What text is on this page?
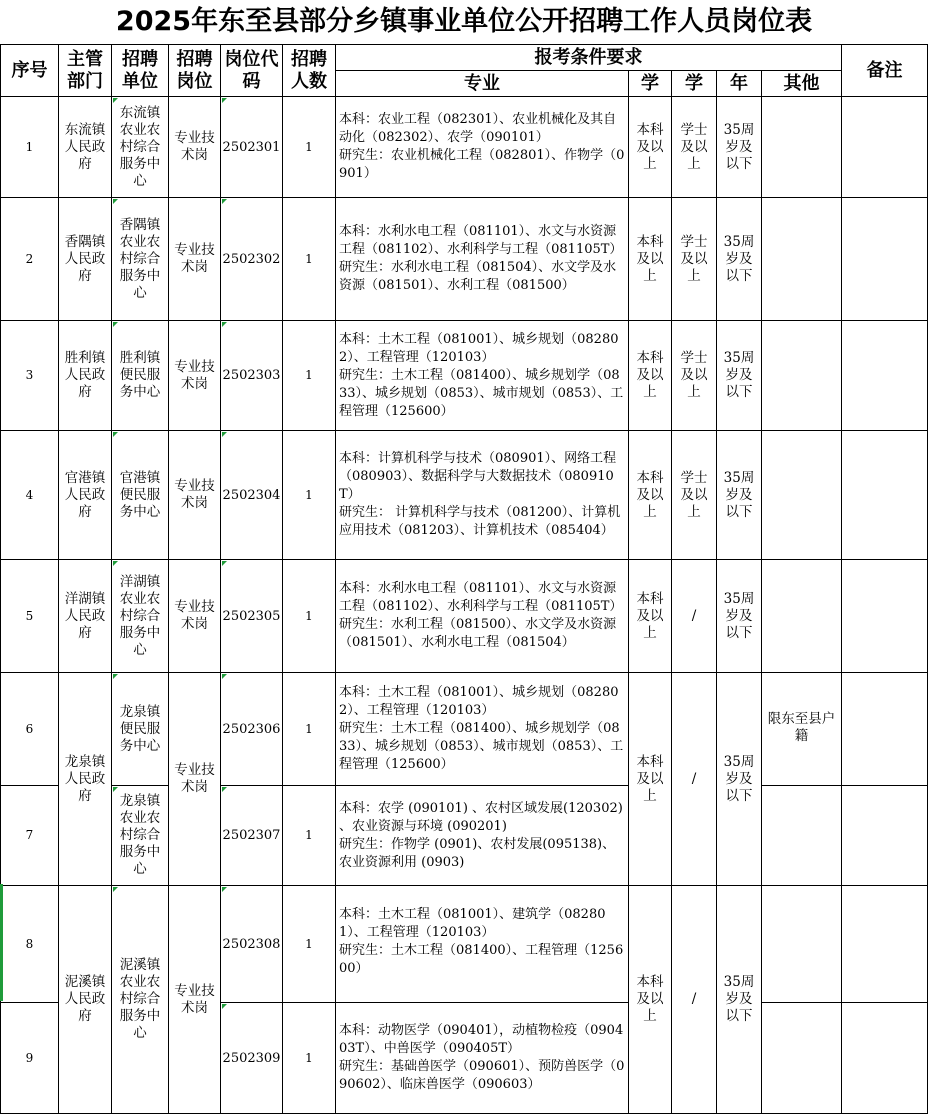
2025年东至县部分乡镇事业单位公开招聘工作人员岗位表
序号	主管部门	招聘单位	招聘岗位	岗位代码	招聘人数	报考条件要求					备注
						专业	学	学	年	其他	
1	东流镇人民政府	东流镇农业农村综合服务中心	专业技术岗	2502301	1	本科：农业工程（082301）、农业机械化及其自动化（082302）、农学（090101）
研究生：农业机械化工程（082801）、作物学（0901）	本科及以上	学士及以上	35周岁及以下		
2	香隅镇人民政府	香隅镇农业农村综合服务中心	专业技术岗	2502302	1	本科：水利水电工程（081101）、水文与水资源工程（081102）、水利科学与工程（081105T）
研究生：水利水电工程（081504）、水文学及水资源（081501）、水利工程（081500）	本科及以上	学士及以上	35周岁及以下		
3	胜利镇人民政府	胜利镇便民服务中心	专业技术岗	2502303	1	本科：土木工程（081001）、城乡规划（082802）、工程管理（120103）
研究生：土木工程（081400）、城乡规划学（0833）、城乡规划（0853）、城市规划（0853）、工程管理（125600）	本科及以上	学士及以上	35周岁及以下		
4	官港镇人民政府	官港镇便民服务中心	专业技术岗	2502304	1	本科：计算机科学与技术（080901）、网络工程（080903）、数据科学与大数据技术（080910T）
研究生： 计算机科学与技术（081200）、计算机应用技术（081203）、计算机技术（085404）	本科及以上	学士及以上	35周岁及以下		
5	洋湖镇人民政府	洋湖镇农业农村综合服务中心	专业技术岗	2502305	1	本科：水利水电工程（081101）、水文与水资源工程（081102）、水利科学与工程（081105T）
研究生：水利工程（081500）、水文学及水资源（081501）、水利水电工程（081504）	本科及以上	/	35周岁及以下		
6	龙泉镇人民政府	龙泉镇便民服务中心	专业技术岗	2502306	1	本科：土木工程（081001）、城乡规划（082802）、工程管理（120103）
研究生：土木工程（081400）、城乡规划学（0833）、城乡规划（0853）、城市规划（0853）、工程管理（125600）	本科及以上	/	35周岁及以下	限东至县户籍	
7		龙泉镇农业农村综合服务中心		2502307	1	本科：农学 (090101) 、农村区域发展(120302) 、农业资源与环境 (090201)
研究生：作物学 (0901)、农村发展(095138)、农业资源利用 (0903)					
8	泥溪镇人民政府	泥溪镇农业农村综合服务中心	专业技术岗	2502308	1	本科：土木工程（081001）、建筑学（082801）、工程管理（120103）
研究生：土木工程（081400）、工程管理（125600）	本科及以上	/	35周岁及以下		
9				2502309	1	本科：动物医学（090401），动植物检疫（090403T）、中兽医学（090405T）
研究生：基础兽医学（090601）、预防兽医学（090602）、临床兽医学（090603）					
